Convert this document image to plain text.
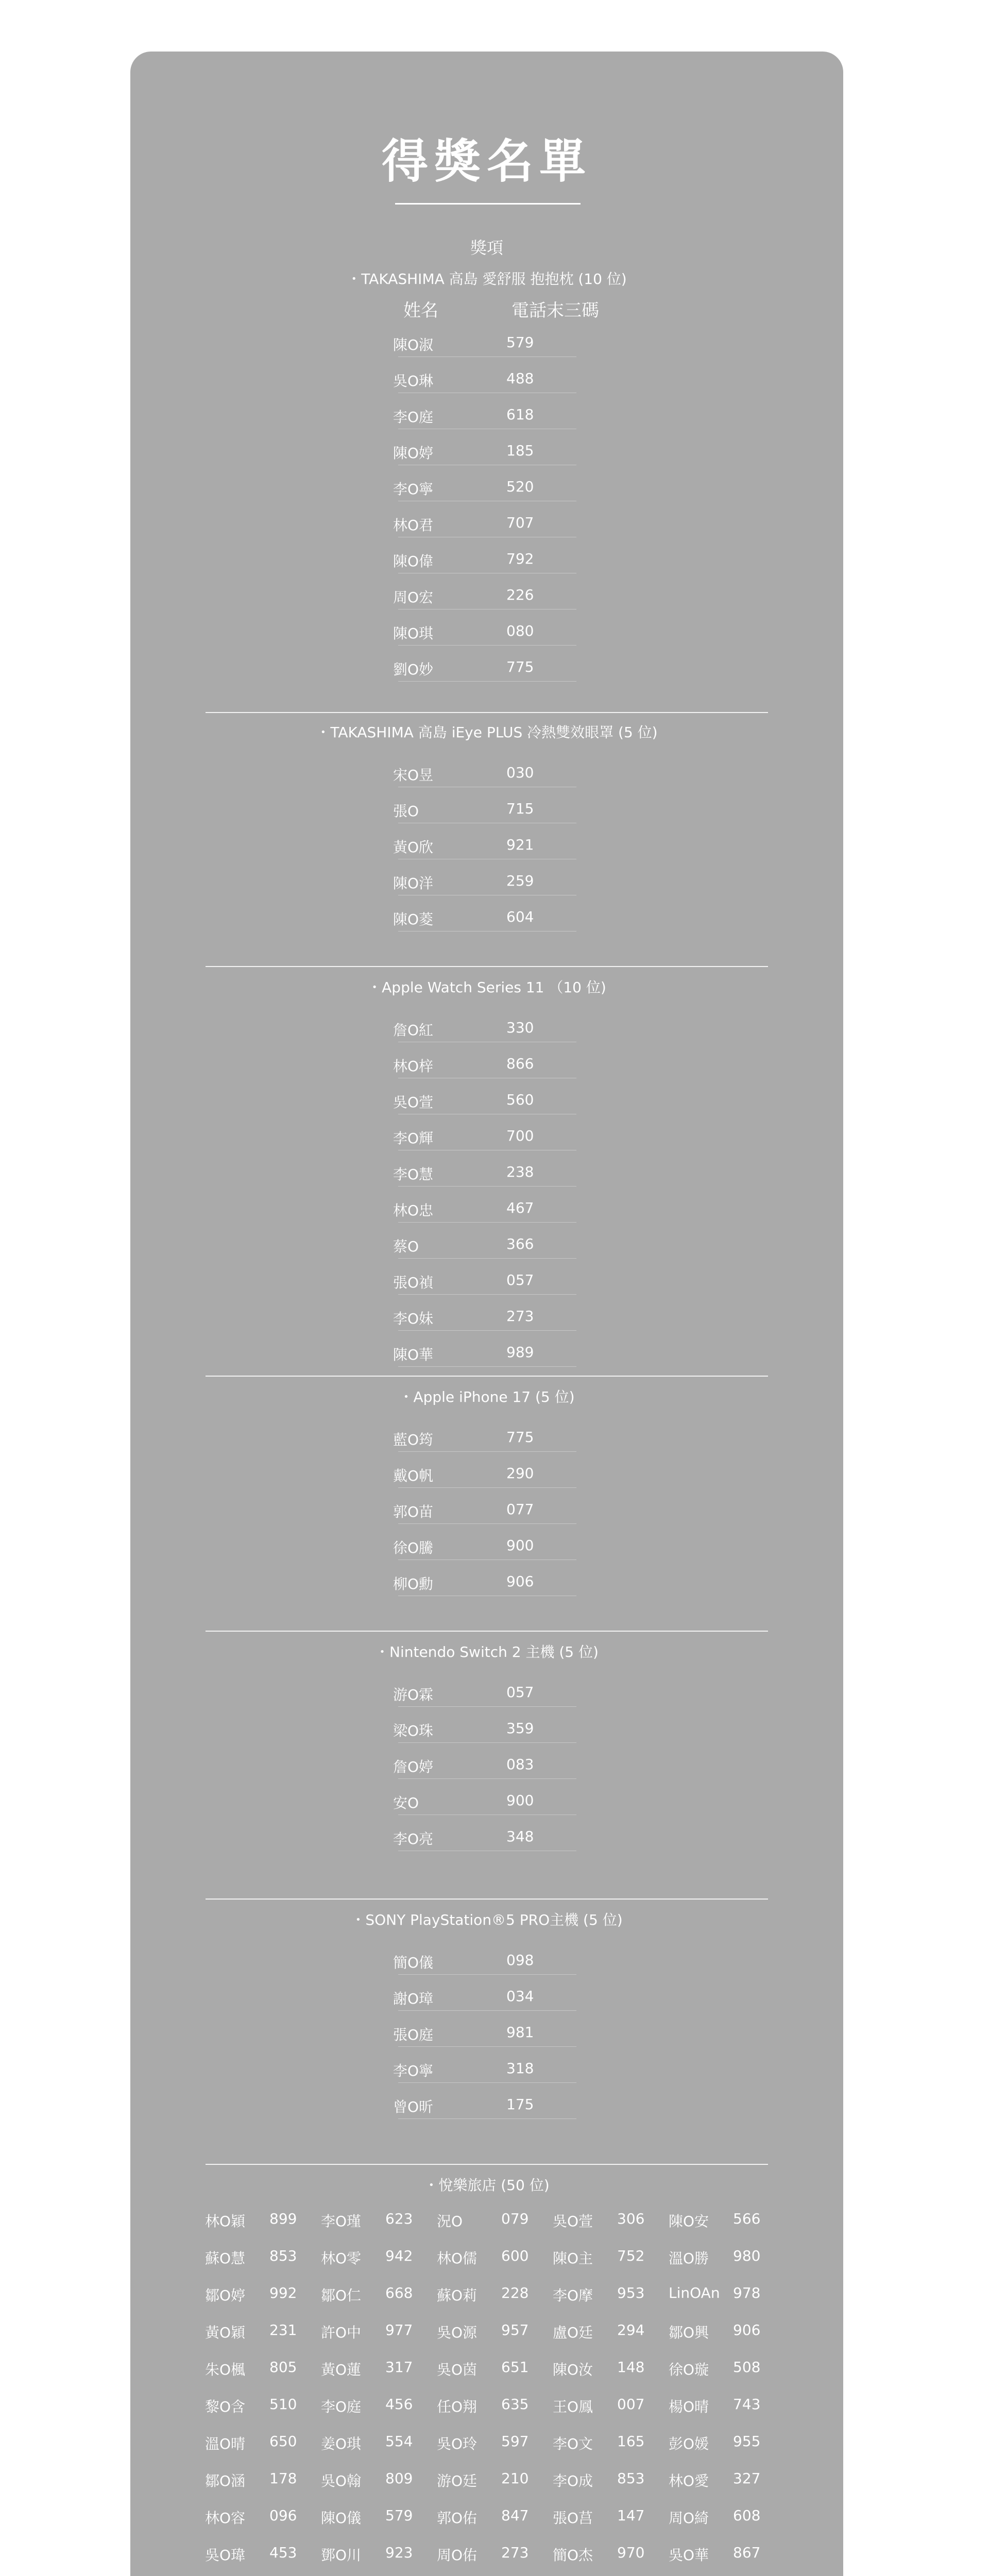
得獎名單
獎項
・TAKASHIMA 高島 愛舒服 抱抱枕 (10 位)
姓名	電話末三碼
陳O淑	579
吳O琳	488
李O庭	618
陳O婷	185
李O寧	520
林O君	707
陳O偉	792
周O宏	226
陳O琪	080
劉O妙	775
・TAKASHIMA 高島 iEye PLUS 冷熱雙效眼罩 (5 位)
宋O昱	030
張O	715
黃O欣	921
陳O洋	259
陳O菱	604
・Apple Watch Series 11 （10 位)
詹O紅	330
林O梓	866
吳O萱	560
李O輝	700
李O慧	238
林O忠	467
蔡O	366
張O禎	057
李O妹	273
陳O華	989
・Apple iPhone 17 (5 位)
藍O筠	775
戴O帆	290
郭O苗	077
徐O騰	900
柳O勳	906
・Nintendo Switch 2 主機 (5 位)
游O霖	057
梁O珠	359
詹O婷	083
安O	900
李O亮	348
・SONY PlayStation®5 PRO主機 (5 位)
簡O儀	098
謝O璋	034
張O庭	981
李O寧	318
曾O昕	175
・悅樂旅店 (50 位)
林O穎 899 李O瑾 623 況O	079 吳O萱 306 陳O安 566
蘇O慧 853 林O零 942 林O儒 600 陳O主 752 溫O勝 980
鄒O婷 992 鄒O仁 668 蘇O莉 228 李O摩 953 LinOAn 978
黃O穎 231 許O中 977 吳O源 957 盧O廷 294 鄒O興 906
朱O楓 805 黃O蓮 317 吳O茵 651 陳O汝 148 徐O璇 508
黎O含 510 李O庭 456 任O翔 635 王O鳳 007 楊O晴 743
溫O晴 650 姜O琪 554 吳O玲 597 李O文 165 彭O媛 955
鄒O涵 178 吳O翰 809 游O廷 210 李O成 853 林O愛 327
林O容 096 陳O儀 579 郭O佑 847 張O莒 147 周O綺 608
吳O瑋 453 鄧O川 923 周O佑 273 簡O杰 970 吳O華 867
